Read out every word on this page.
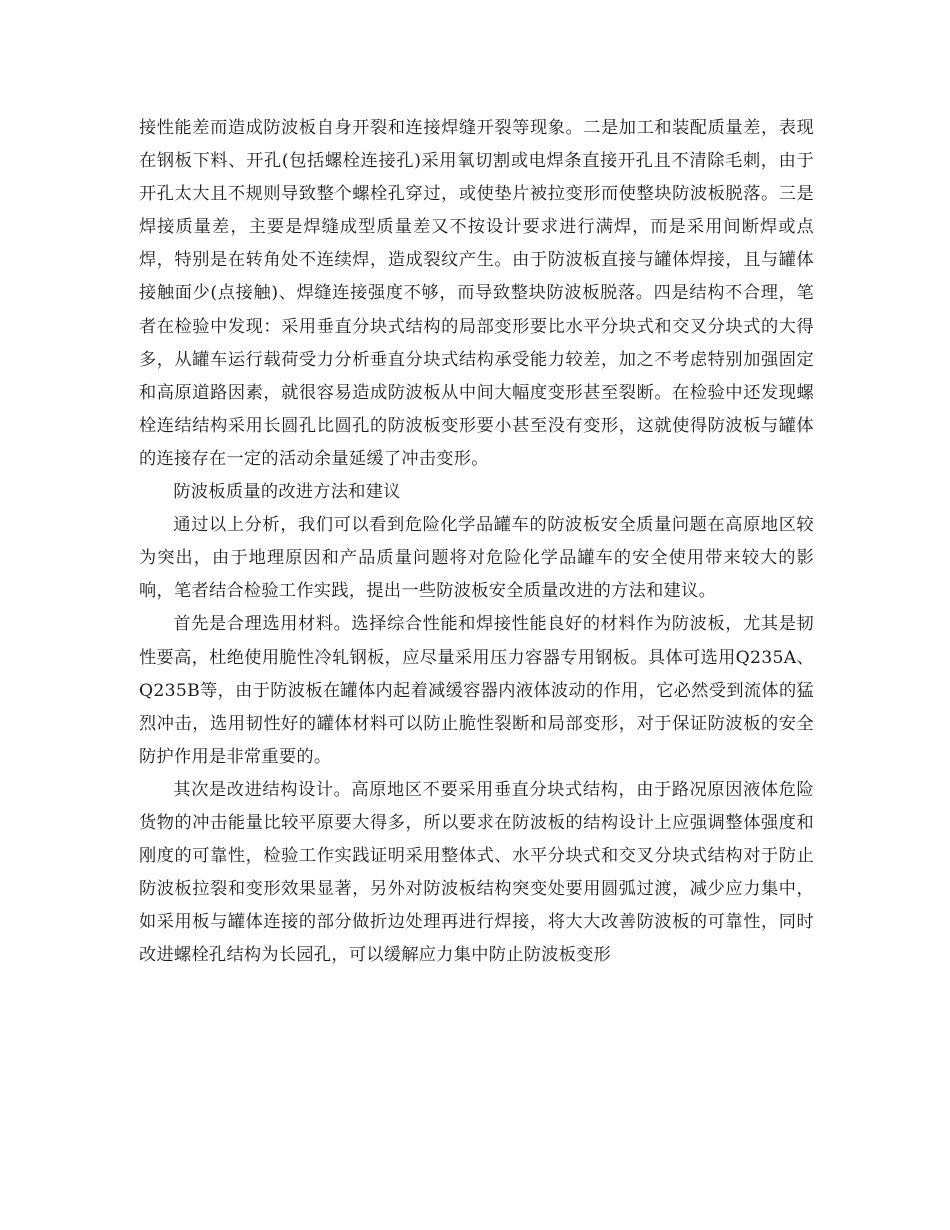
接性能差而造成防波板自身开裂和连接焊缝开裂等现象。二是加工和装配质量差，表现在钢板下料、开孔(包括螺栓连接孔)采用氧切割或电焊条直接开孔且不清除毛刺，由于开孔太大且不规则导致整个螺栓孔穿过，或使垫片被拉变形而使整块防波板脱落。三是焊接质量差，主要是焊缝成型质量差又不按设计要求进行满焊，而是采用间断焊或点焊，特别是在转角处不连续焊，造成裂纹产生。由于防波板直接与罐体焊接，且与罐体接触面少(点接触)、焊缝连接强度不够，而导致整块防波板脱落。四是结构不合理，笔者在检验中发现：采用垂直分块式结构的局部变形要比水平分块式和交叉分块式的大得多，从罐车运行载荷受力分析垂直分块式结构承受能力较差，加之不考虑特别加强固定和高原道路因素，就很容易造成防波板从中间大幅度变形甚至裂断。在检验中还发现螺栓连结结构采用长圆孔比圆孔的防波板变形要小甚至没有变形，这就使得防波板与罐体的连接存在一定的活动余量延缓了冲击变形。

防波板质量的改进方法和建议

通过以上分析，我们可以看到危险化学品罐车的防波板安全质量问题在高原地区较为突出，由于地理原因和产品质量问题将对危险化学品罐车的安全使用带来较大的影响，笔者结合检验工作实践，提出一些防波板安全质量改进的方法和建议。

首先是合理选用材料。选择综合性能和焊接性能良好的材料作为防波板，尤其是韧性要高，杜绝使用脆性冷轧钢板，应尽量采用压力容器专用钢板。具体可选用Q235A、Q235B等，由于防波板在罐体内起着减缓容器内液体波动的作用，它必然受到流体的猛烈冲击，选用韧性好的罐体材料可以防止脆性裂断和局部变形，对于保证防波板的安全防护作用是非常重要的。

其次是改进结构设计。高原地区不要采用垂直分块式结构，由于路况原因液体危险货物的冲击能量比较平原要大得多，所以要求在防波板的结构设计上应强调整体强度和刚度的可靠性，检验工作实践证明采用整体式、水平分块式和交叉分块式结构对于防止防波板拉裂和变形效果显著，另外对防波板结构突变处要用圆弧过渡，减少应力集中，如采用板与罐体连接的部分做折边处理再进行焊接，将大大改善防波板的可靠性，同时改进螺栓孔结构为长园孔，可以缓解应力集中防止防波板变形
